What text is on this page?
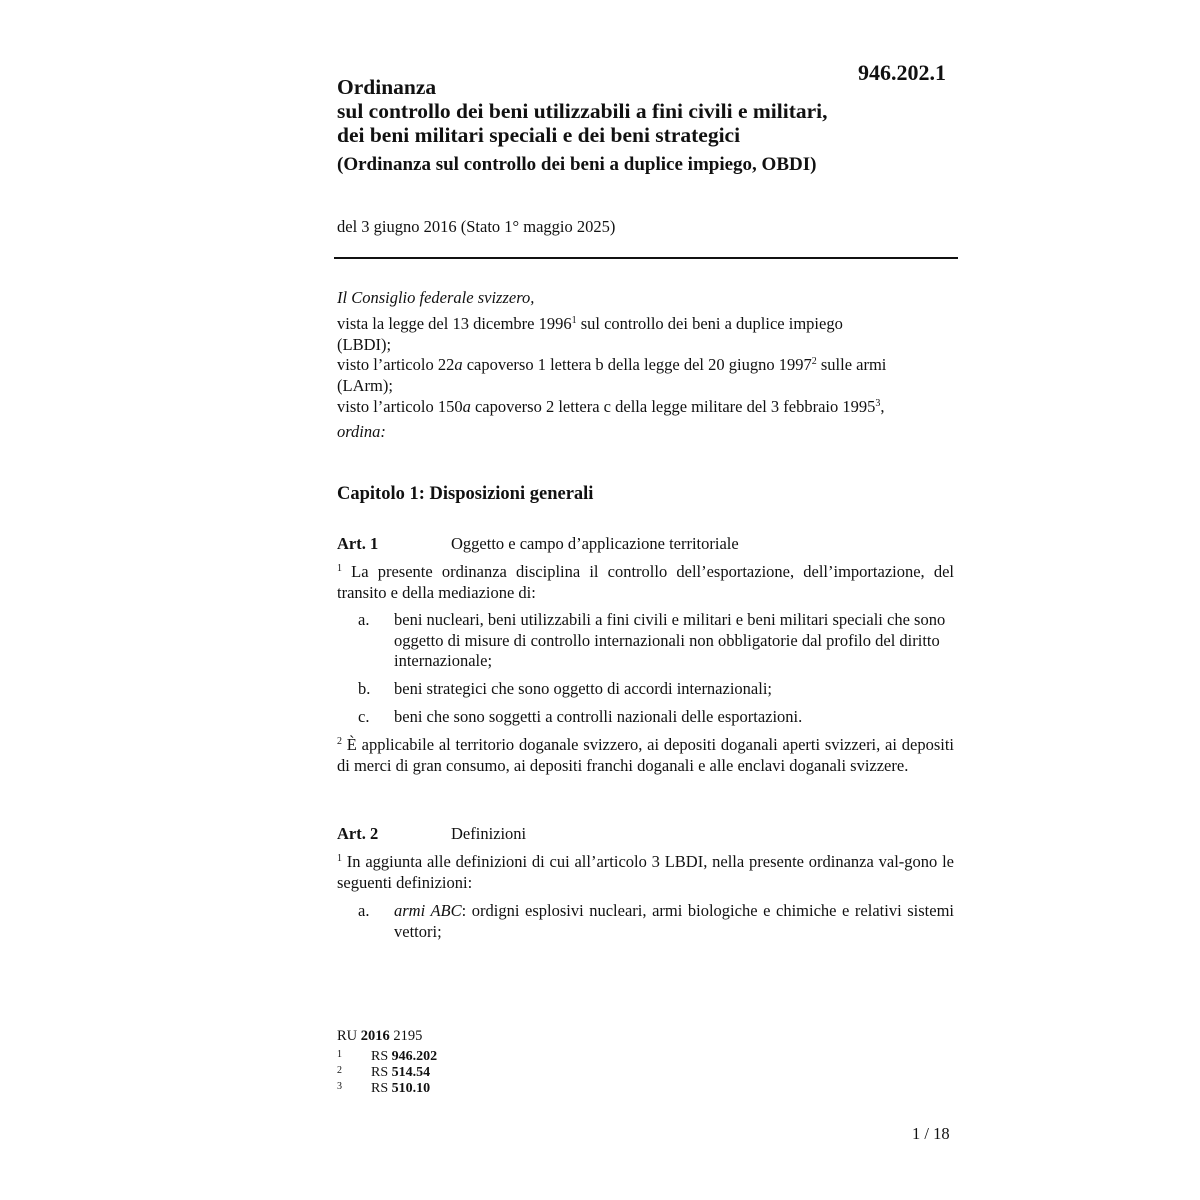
946.202.1
Ordinanza
sul controllo dei beni utilizzabili a fini civili e militari,
dei beni militari speciali e dei beni strategici
(Ordinanza sul controllo dei beni a duplice impiego, OBDI)
del 3 giugno 2016 (Stato 1° maggio 2025)
Il Consiglio federale svizzero,
vista la legge del 13 dicembre 1996$^1$ sul controllo dei beni a duplice impiego
(LBDI);
visto l’articolo 22a capoverso 1 lettera b della legge del 20 giugno 1997$^2$ sulle armi
(LArm);
visto l’articolo 150a capoverso 2 lettera c della legge militare del 3 febbraio 1995$^3$,
ordina:
Capitolo 1: Disposizioni generali
Art. 1	Oggetto e campo d’applicazione territoriale
$^1$ La presente ordinanza disciplina il controllo dell’esportazione, dell’importazione, del transito e della mediazione di:
a. beni nucleari, beni utilizzabili a fini civili e militari e beni militari speciali che sono oggetto di misure di controllo internazionali non obbligatorie dal profilo del diritto internazionale;
b. beni strategici che sono oggetto di accordi internazionali;
c. beni che sono soggetti a controlli nazionali delle esportazioni.
$^2$ È applicabile al territorio doganale svizzero, ai depositi doganali aperti svizzeri, ai depositi di merci di gran consumo, ai depositi franchi doganali e alle enclavi doganali svizzere.
Art. 2	Definizioni
$^1$ In aggiunta alle definizioni di cui all’articolo 3 LBDI, nella presente ordinanza val-gono le seguenti definizioni:
a. armi ABC: ordigni esplosivi nucleari, armi biologiche e chimiche e relativi sistemi vettori;
RU 2016 2195
1 RS 946.202
2 RS 514.54
3 RS 510.10
1 / 18
